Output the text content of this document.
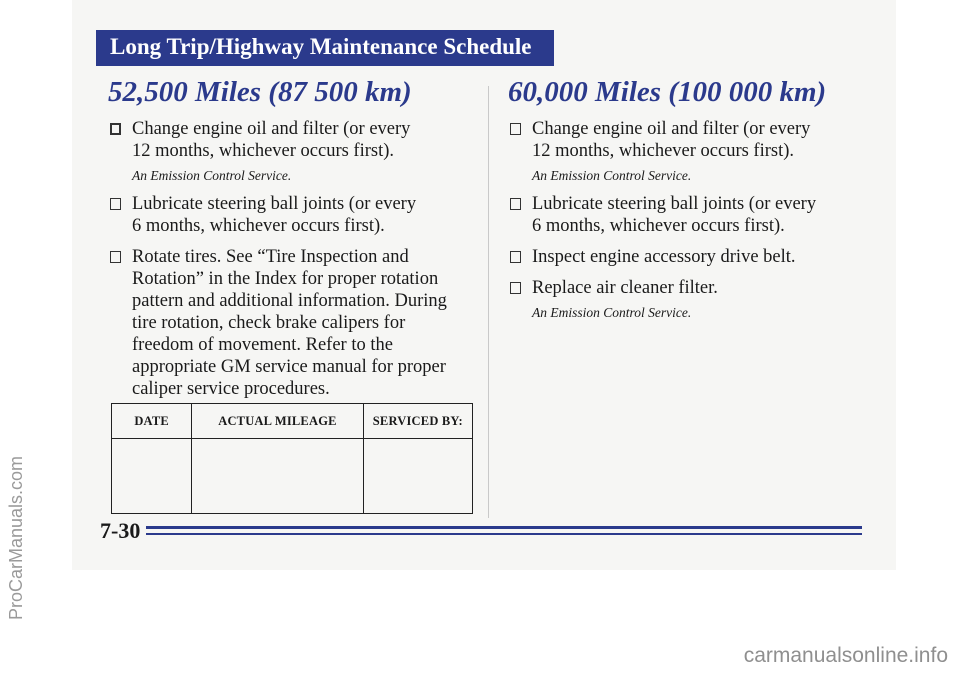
Long Trip/Highway Maintenance Schedule
52,500 Miles (87 500 km)	60,000 Miles (100 000 km)
Change engine oil and filter (or every
12 months, whichever occurs first).
An Emission Control Service.
Lubricate steering ball joints (or every
6 months, whichever occurs first).
Rotate tires. See “Tire Inspection and
Rotation” in the Index for proper rotation
pattern and additional information. During
tire rotation, check brake calipers for
freedom of movement. Refer to the
appropriate GM service manual for proper
caliper service procedures.
Change engine oil and filter (or every
12 months, whichever occurs first).
An Emission Control Service.
Lubricate steering ball joints (or every
6 months, whichever occurs first).
Inspect engine accessory drive belt.
Replace air cleaner filter.
An Emission Control Service.
DATE	ACTUAL MILEAGE	SERVICED BY:

7-30
ProCarManuals.com
carmanualsonline.info
